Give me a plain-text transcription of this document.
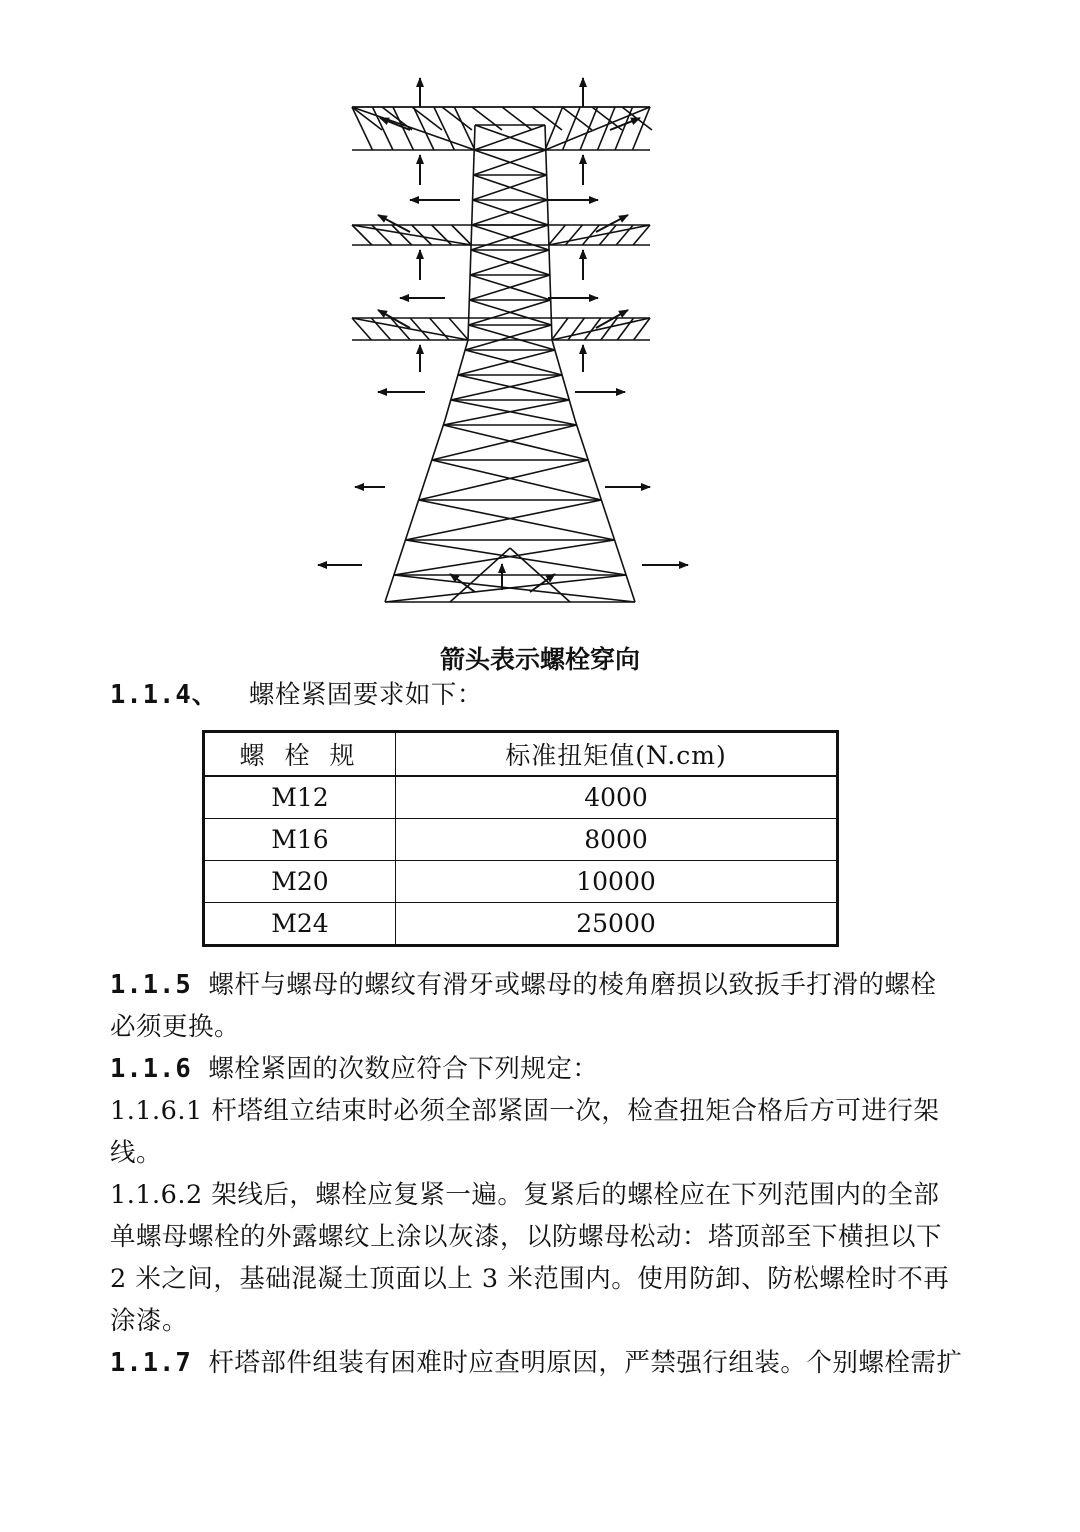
箭头表示螺栓穿向
1.1.4、 螺栓紧固要求如下：
螺 栓 规	标准扭矩值(N.cm)
M12	4000
M16	8000
M20	10000
M24	25000
1.1.5 螺杆与螺母的螺纹有滑牙或螺母的棱角磨损以致扳手打滑的螺栓
必须更换。
1.1.6 螺栓紧固的次数应符合下列规定：
1.1.6.1 杆塔组立结束时必须全部紧固一次，检查扭矩合格后方可进行架
线。
1.1.6.2 架线后，螺栓应复紧一遍。复紧后的螺栓应在下列范围内的全部
单螺母螺栓的外露螺纹上涂以灰漆，以防螺母松动：塔顶部至下横担以下
2 米之间，基础混凝土顶面以上 3 米范围内。使用防卸、防松螺栓时不再
涂漆。
1.1.7 杆塔部件组装有困难时应查明原因，严禁强行组装。个别螺栓需扩
